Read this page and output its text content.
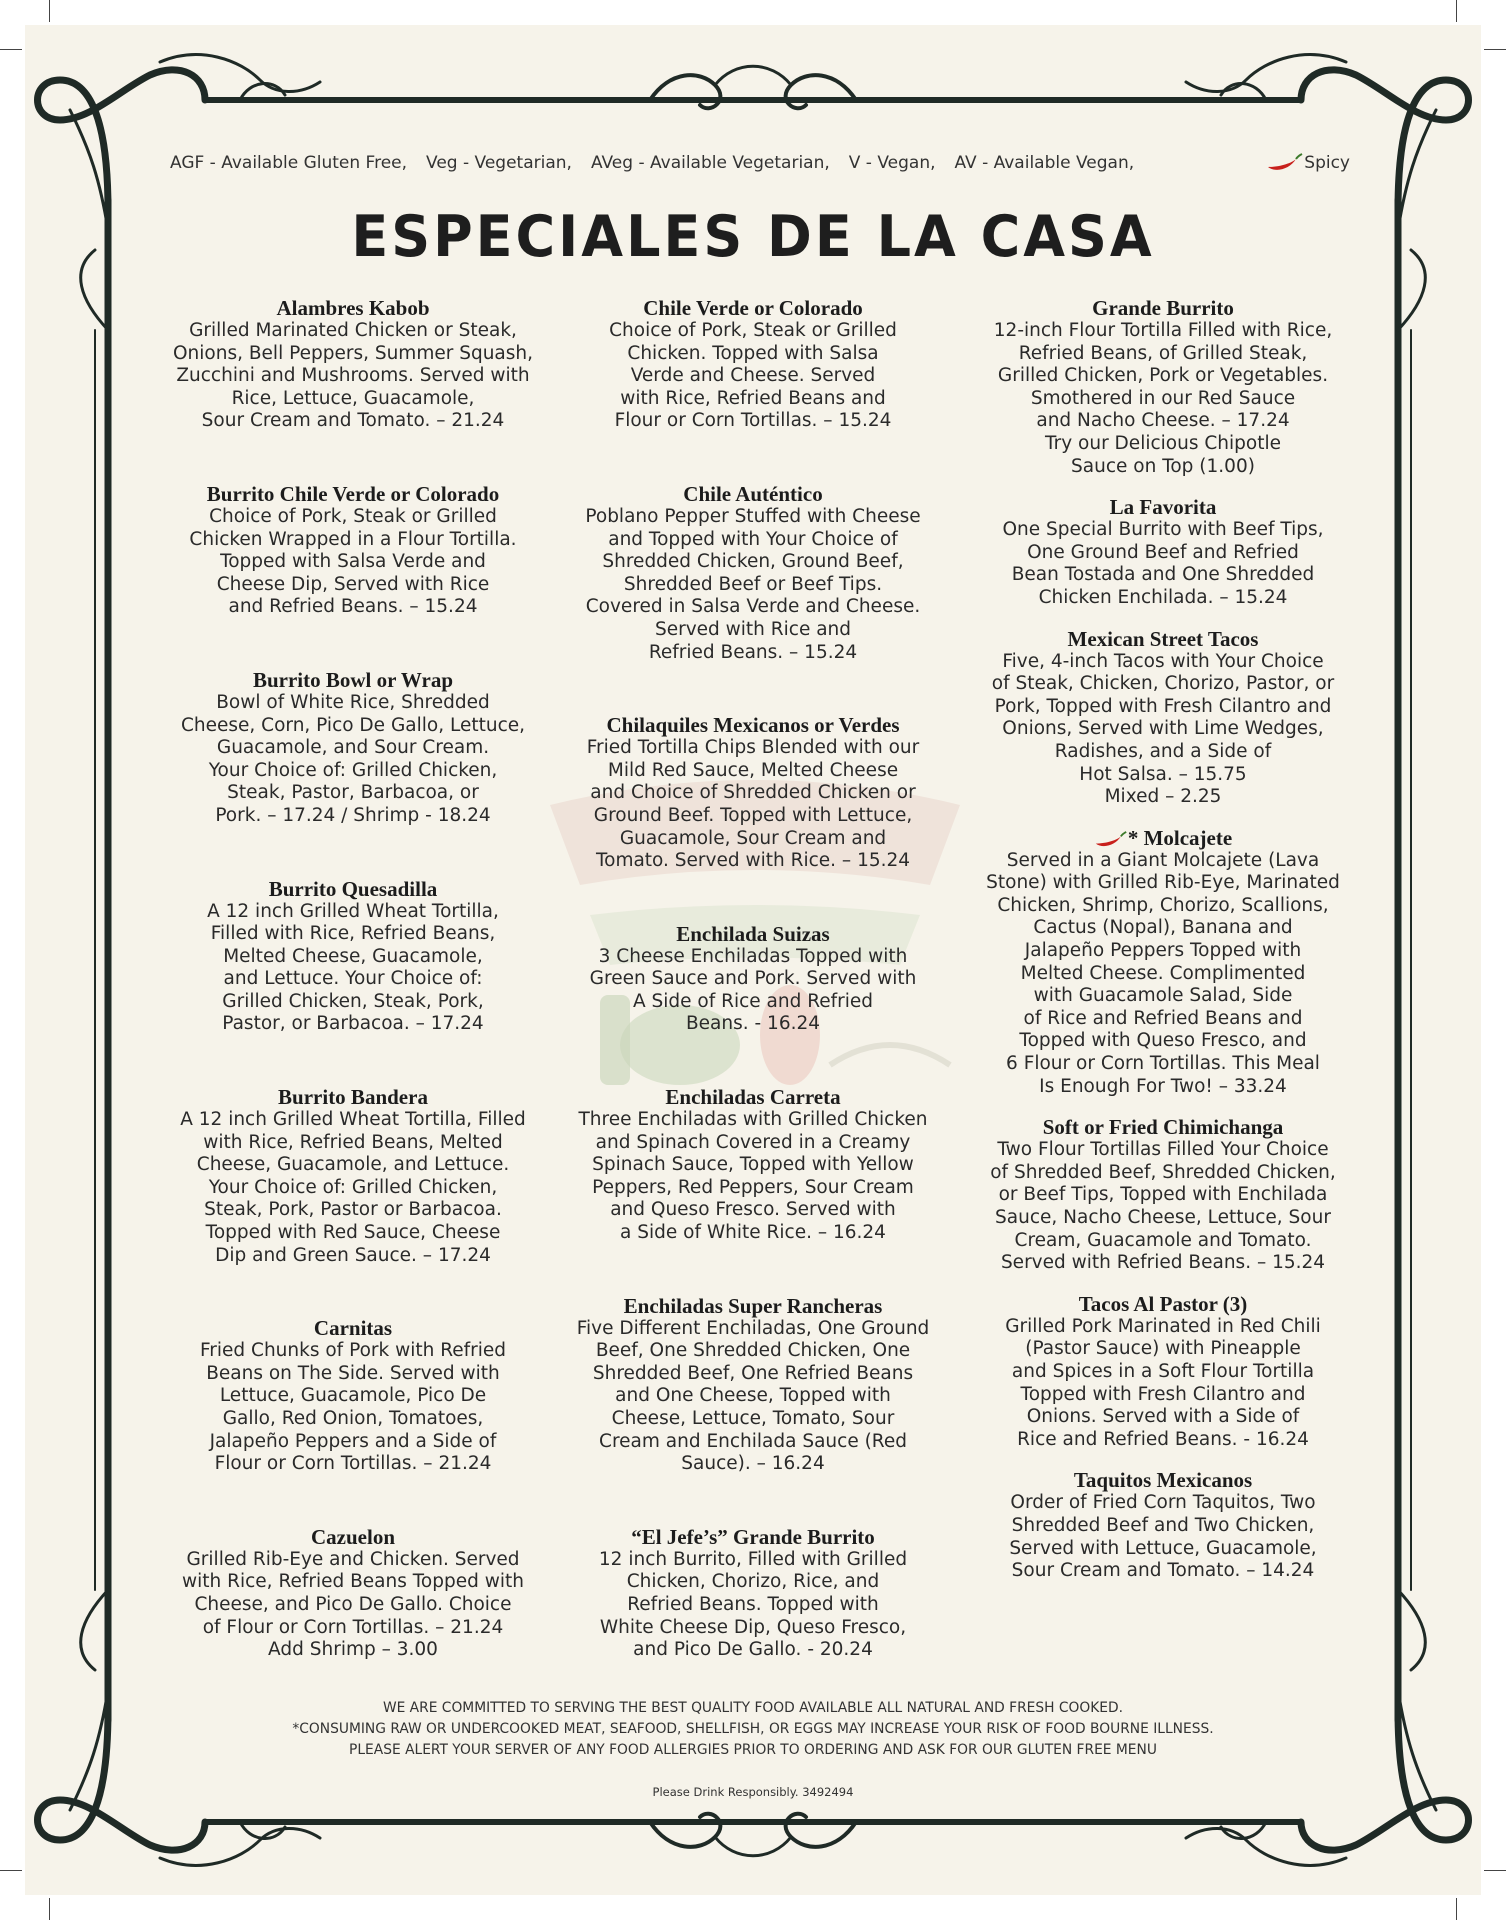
AGF - Available Gluten Free, Veg - Vegetarian, AVeg - Available Vegetarian, V - Vegan, AV - Available Vegan,	Spicy
ESPECIALES DE LA CASA
Alambres Kabob
Grilled Marinated Chicken or Steak,
Onions, Bell Peppers, Summer Squash,
Zucchini and Mushrooms. Served with
Rice, Lettuce, Guacamole,
Sour Cream and Tomato. – 21.24
Burrito Chile Verde or Colorado
Choice of Pork, Steak or Grilled
Chicken Wrapped in a Flour Tortilla.
Topped with Salsa Verde and
Cheese Dip, Served with Rice
and Refried Beans. – 15.24
Burrito Bowl or Wrap
Bowl of White Rice, Shredded
Cheese, Corn, Pico De Gallo, Lettuce,
Guacamole, and Sour Cream.
Your Choice of: Grilled Chicken,
Steak, Pastor, Barbacoa, or
Pork. – 17.24 / Shrimp - 18.24
Burrito Quesadilla
A 12 inch Grilled Wheat Tortilla,
Filled with Rice, Refried Beans,
Melted Cheese, Guacamole,
and Lettuce. Your Choice of:
Grilled Chicken, Steak, Pork,
Pastor, or Barbacoa. – 17.24
Burrito Bandera
A 12 inch Grilled Wheat Tortilla, Filled
with Rice, Refried Beans, Melted
Cheese, Guacamole, and Lettuce.
Your Choice of: Grilled Chicken,
Steak, Pork, Pastor or Barbacoa.
Topped with Red Sauce, Cheese
Dip and Green Sauce. – 17.24
Carnitas
Fried Chunks of Pork with Refried
Beans on The Side. Served with
Lettuce, Guacamole, Pico De
Gallo, Red Onion, Tomatoes,
Jalapeño Peppers and a Side of
Flour or Corn Tortillas. – 21.24
Cazuelon
Grilled Rib-Eye and Chicken. Served
with Rice, Refried Beans Topped with
Cheese, and Pico De Gallo. Choice
of Flour or Corn Tortillas. – 21.24
Add Shrimp – 3.00
Chile Verde or Colorado
Choice of Pork, Steak or Grilled
Chicken. Topped with Salsa
Verde and Cheese. Served
with Rice, Refried Beans and
Flour or Corn Tortillas. – 15.24
Chile Auténtico
Poblano Pepper Stuffed with Cheese
and Topped with Your Choice of
Shredded Chicken, Ground Beef,
Shredded Beef or Beef Tips.
Covered in Salsa Verde and Cheese.
Served with Rice and
Refried Beans. – 15.24
Chilaquiles Mexicanos or Verdes
Fried Tortilla Chips Blended with our
Mild Red Sauce, Melted Cheese
and Choice of Shredded Chicken or
Ground Beef. Topped with Lettuce,
Guacamole, Sour Cream and
Tomato. Served with Rice. – 15.24
Enchilada Suizas
3 Cheese Enchiladas Topped with
Green Sauce and Pork. Served with
A Side of Rice and Refried
Beans. - 16.24
Enchiladas Carreta
Three Enchiladas with Grilled Chicken
and Spinach Covered in a Creamy
Spinach Sauce, Topped with Yellow
Peppers, Red Peppers, Sour Cream
and Queso Fresco. Served with
a Side of White Rice. – 16.24
Enchiladas Super Rancheras
Five Different Enchiladas, One Ground
Beef, One Shredded Chicken, One
Shredded Beef, One Refried Beans
and One Cheese, Topped with
Cheese, Lettuce, Tomato, Sour
Cream and Enchilada Sauce (Red
Sauce). – 16.24
“El Jefe’s” Grande Burrito
12 inch Burrito, Filled with Grilled
Chicken, Chorizo, Rice, and
Refried Beans. Topped with
White Cheese Dip, Queso Fresco,
and Pico De Gallo. - 20.24
Grande Burrito
12-inch Flour Tortilla Filled with Rice,
Refried Beans, of Grilled Steak,
Grilled Chicken, Pork or Vegetables.
Smothered in our Red Sauce
and Nacho Cheese. – 17.24
Try our Delicious Chipotle
Sauce on Top (1.00)
La Favorita
One Special Burrito with Beef Tips,
One Ground Beef and Refried
Bean Tostada and One Shredded
Chicken Enchilada. – 15.24
Mexican Street Tacos
Five, 4-inch Tacos with Your Choice
of Steak, Chicken, Chorizo, Pastor, or
Pork, Topped with Fresh Cilantro and
Onions, Served with Lime Wedges,
Radishes, and a Side of
Hot Salsa. – 15.75
Mixed – 2.25
* Molcajete
Served in a Giant Molcajete (Lava
Stone) with Grilled Rib-Eye, Marinated
Chicken, Shrimp, Chorizo, Scallions,
Cactus (Nopal), Banana and
Jalapeño Peppers Topped with
Melted Cheese. Complimented
with Guacamole Salad, Side
of Rice and Refried Beans and
Topped with Queso Fresco, and
6 Flour or Corn Tortillas. This Meal
Is Enough For Two! – 33.24
Soft or Fried Chimichanga
Two Flour Tortillas Filled Your Choice
of Shredded Beef, Shredded Chicken,
or Beef Tips, Topped with Enchilada
Sauce, Nacho Cheese, Lettuce, Sour
Cream, Guacamole and Tomato.
Served with Refried Beans. – 15.24
Tacos Al Pastor (3)
Grilled Pork Marinated in Red Chili
(Pastor Sauce) with Pineapple
and Spices in a Soft Flour Tortilla
Topped with Fresh Cilantro and
Onions. Served with a Side of
Rice and Refried Beans. - 16.24
Taquitos Mexicanos
Order of Fried Corn Taquitos, Two
Shredded Beef and Two Chicken,
Served with Lettuce, Guacamole,
Sour Cream and Tomato. – 14.24
WE ARE COMMITTED TO SERVING THE BEST QUALITY FOOD AVAILABLE ALL NATURAL AND FRESH COOKED.
*CONSUMING RAW OR UNDERCOOKED MEAT, SEAFOOD, SHELLFISH, OR EGGS MAY INCREASE YOUR RISK OF FOOD BOURNE ILLNESS.
PLEASE ALERT YOUR SERVER OF ANY FOOD ALLERGIES PRIOR TO ORDERING AND ASK FOR OUR GLUTEN FREE MENU
Please Drink Responsibly. 3492494
